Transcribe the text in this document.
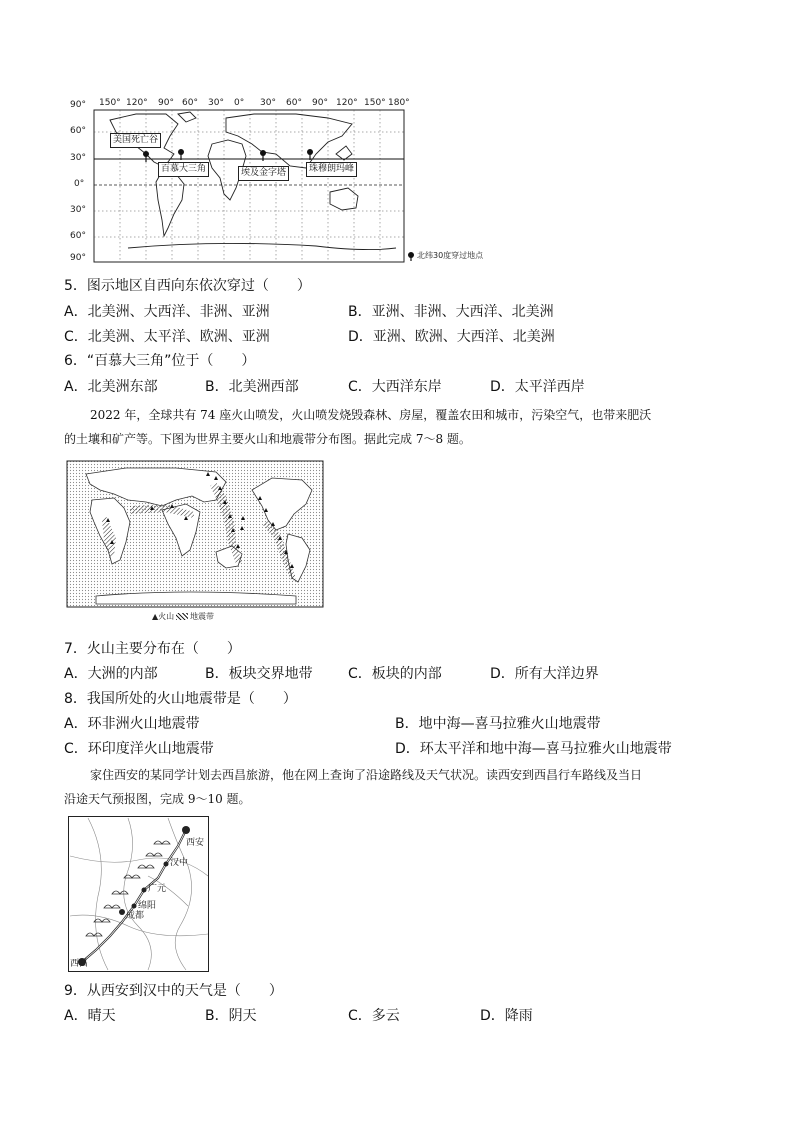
90° 150° 120° 90° 60° 30° 0° 30° 60° 90° 120° 150° 180°
60°
30°
0°
30°
60°
90°
美国死亡谷
百慕大三角	埃及金字塔	珠穆朗玛峰
北纬30度穿过地点
5．图示地区自西向东依次穿过（　　）
A．北美洲、大西洋、非洲、亚洲	B．亚洲、非洲、大西洋、北美洲
C．北美洲、太平洋、欧洲、亚洲	D．亚洲、欧洲、大西洋、北美洲
6．“百慕大三角”位于（　　）
A．北美洲东部	B．北美洲西部	C．大西洋东岸	D．太平洋西岸
2022 年，全球共有 74 座火山喷发，火山喷发烧毁森林、房屋，覆盖农田和城市，污染空气，也带来肥沃
的土壤和矿产等。下图为世界主要火山和地震带分布图。据此完成 7～8 题。
▲火山 地震带
7．火山主要分布在（　　）
A．大洲的内部	B．板块交界地带	C．板块的内部	D．所有大洋边界
8．我国所处的火山地震带是（　　）
A．环非洲火山地震带	B．地中海—喜马拉雅火山地震带
C．环印度洋火山地震带	D．环太平洋和地中海—喜马拉雅火山地震带
家住西安的某同学计划去西昌旅游，他在网上查询了沿途路线及天气状况。读西安到西昌行车路线及当日
沿途天气预报图，完成 9～10 题。
西安
汉中
广元
绵阳
成都
西昌
9．从西安到汉中的天气是（　　）
A．晴天	B．阴天	C．多云	D．降雨
